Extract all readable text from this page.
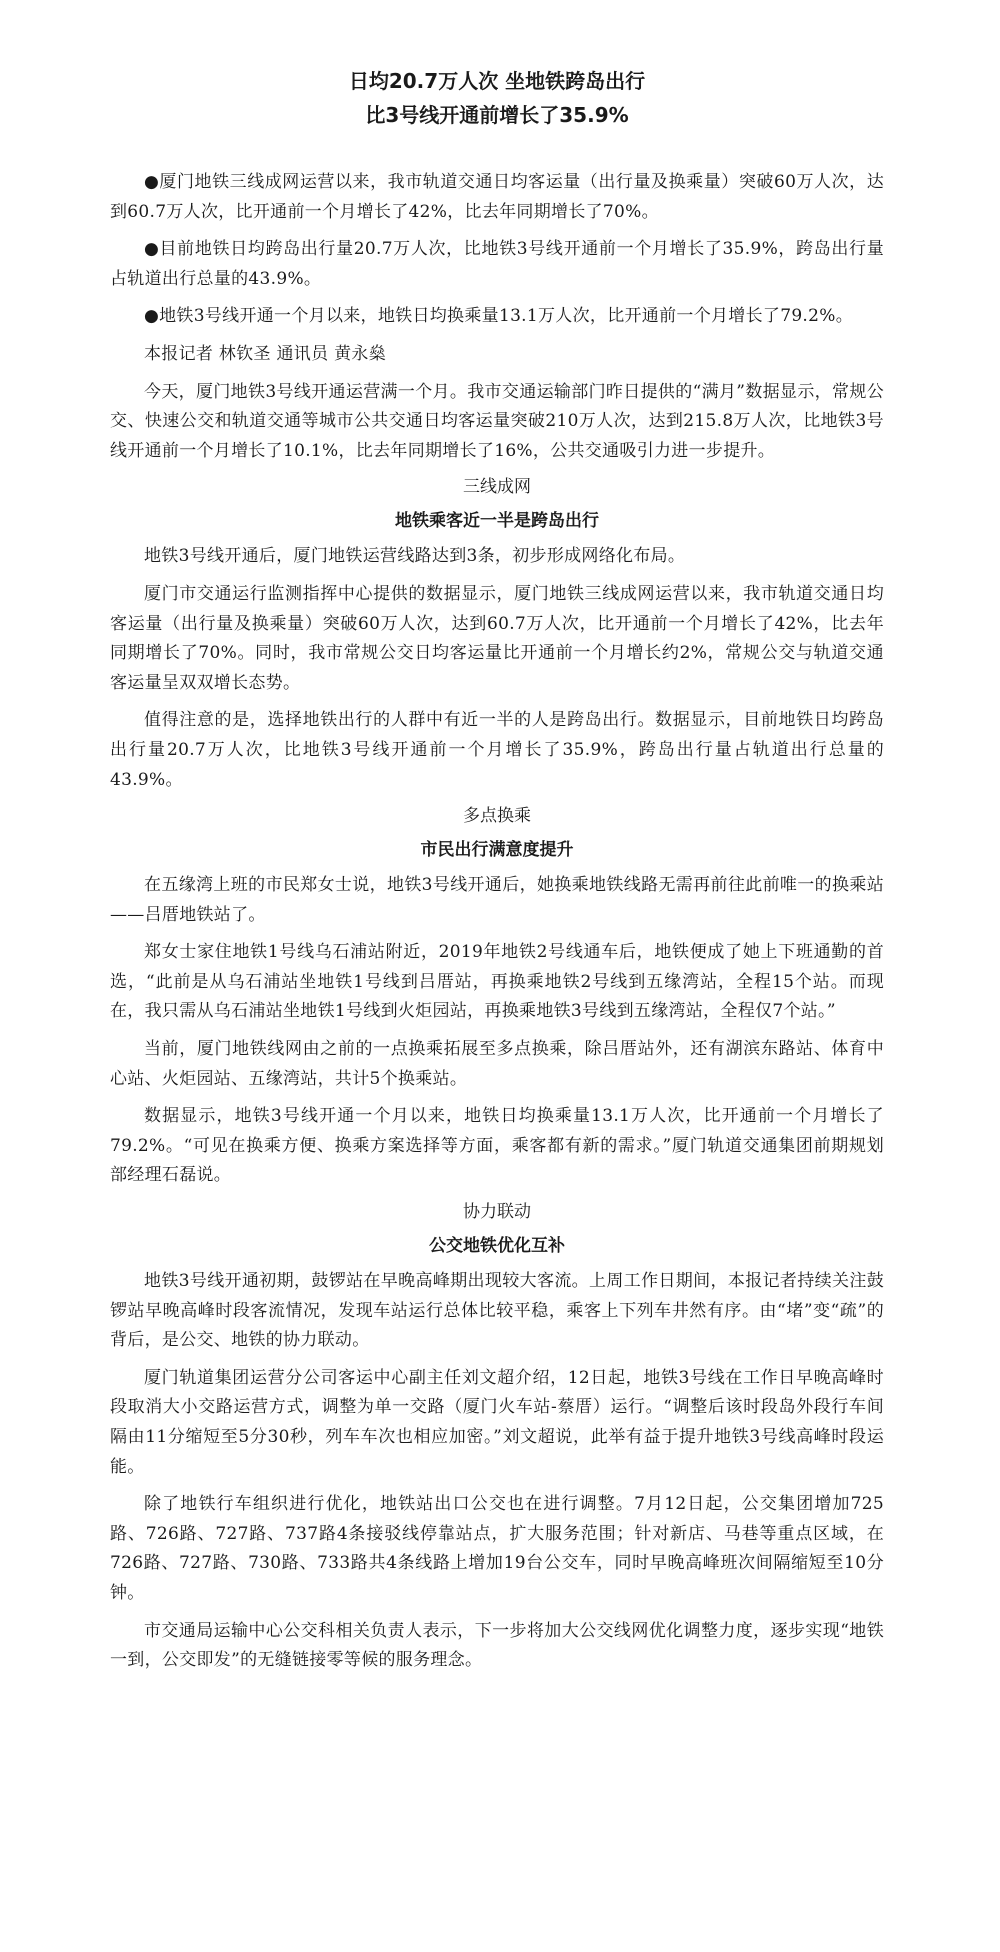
日均20.7万人次 坐地铁跨岛出行
比3号线开通前增长了35.9%

●厦门地铁三线成网运营以来，我市轨道交通日均客运量（出行量及换乘量）突破60万人次，达到60.7万人次，比开通前一个月增长了42%，比去年同期增长了70%。

●目前地铁日均跨岛出行量20.7万人次，比地铁3号线开通前一个月增长了35.9%，跨岛出行量占轨道出行总量的43.9%。

●地铁3号线开通一个月以来，地铁日均换乘量13.1万人次，比开通前一个月增长了79.2%。

本报记者 林钦圣 通讯员 黄永燊

今天，厦门地铁3号线开通运营满一个月。我市交通运输部门昨日提供的“满月”数据显示，常规公交、快速公交和轨道交通等城市公共交通日均客运量突破210万人次，达到215.8万人次，比地铁3号线开通前一个月增长了10.1%，比去年同期增长了16%，公共交通吸引力进一步提升。

三线成网
地铁乘客近一半是跨岛出行

地铁3号线开通后，厦门地铁运营线路达到3条，初步形成网络化布局。

厦门市交通运行监测指挥中心提供的数据显示，厦门地铁三线成网运营以来，我市轨道交通日均客运量（出行量及换乘量）突破60万人次，达到60.7万人次，比开通前一个月增长了42%，比去年同期增长了70%。同时，我市常规公交日均客运量比开通前一个月增长约2%，常规公交与轨道交通客运量呈双双增长态势。

值得注意的是，选择地铁出行的人群中有近一半的人是跨岛出行。数据显示，目前地铁日均跨岛出行量20.7万人次，比地铁3号线开通前一个月增长了35.9%，跨岛出行量占轨道出行总量的43.9%。

多点换乘
市民出行满意度提升

在五缘湾上班的市民郑女士说，地铁3号线开通后，她换乘地铁线路无需再前往此前唯一的换乘站——吕厝地铁站了。

郑女士家住地铁1号线乌石浦站附近，2019年地铁2号线通车后，地铁便成了她上下班通勤的首选，“此前是从乌石浦站坐地铁1号线到吕厝站，再换乘地铁2号线到五缘湾站，全程15个站。而现在，我只需从乌石浦站坐地铁1号线到火炬园站，再换乘地铁3号线到五缘湾站，全程仅7个站。”

当前，厦门地铁线网由之前的一点换乘拓展至多点换乘，除吕厝站外，还有湖滨东路站、体育中心站、火炬园站、五缘湾站，共计5个换乘站。

数据显示，地铁3号线开通一个月以来，地铁日均换乘量13.1万人次，比开通前一个月增长了79.2%。“可见在换乘方便、换乘方案选择等方面，乘客都有新的需求。”厦门轨道交通集团前期规划部经理石磊说。

协力联动
公交地铁优化互补

地铁3号线开通初期，鼓锣站在早晚高峰期出现较大客流。上周工作日期间，本报记者持续关注鼓锣站早晚高峰时段客流情况，发现车站运行总体比较平稳，乘客上下列车井然有序。由“堵”变“疏”的背后，是公交、地铁的协力联动。

厦门轨道集团运营分公司客运中心副主任刘文超介绍，12日起，地铁3号线在工作日早晚高峰时段取消大小交路运营方式，调整为单一交路（厦门火车站-蔡厝）运行。“调整后该时段岛外段行车间隔由11分缩短至5分30秒，列车车次也相应加密。”刘文超说，此举有益于提升地铁3号线高峰时段运能。

除了地铁行车组织进行优化，地铁站出口公交也在进行调整。7月12日起，公交集团增加725路、726路、727路、737路4条接驳线停靠站点，扩大服务范围；针对新店、马巷等重点区域，在726路、727路、730路、733路共4条线路上增加19台公交车，同时早晚高峰班次间隔缩短至10分钟。

市交通局运输中心公交科相关负责人表示，下一步将加大公交线网优化调整力度，逐步实现“地铁一到，公交即发”的无缝链接零等候的服务理念。
